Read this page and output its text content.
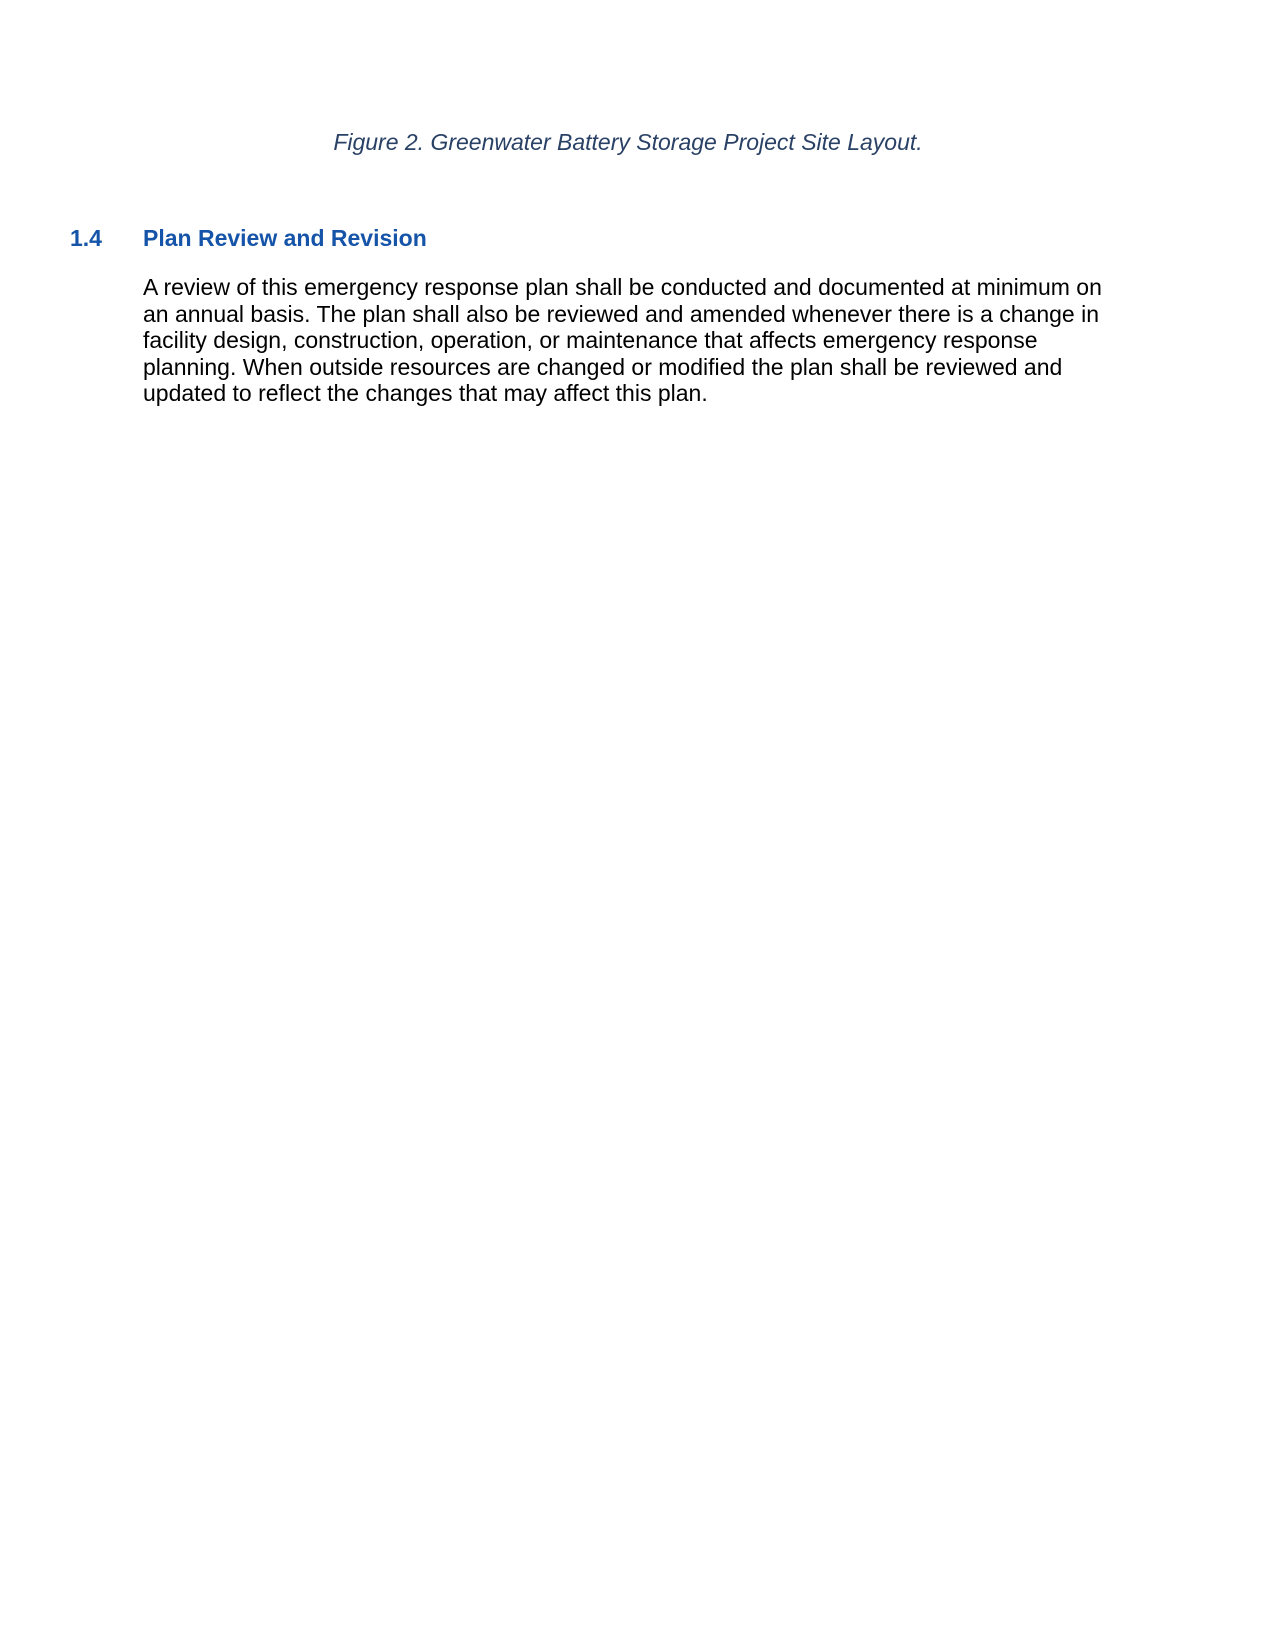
Figure 2. Greenwater Battery Storage Project Site Layout.

1.4 Plan Review and Revision

A review of this emergency response plan shall be conducted and documented at minimum on an annual basis. The plan shall also be reviewed and amended whenever there is a change in facility design, construction, operation, or maintenance that affects emergency response planning. When outside resources are changed or modified the plan shall be reviewed and updated to reflect the changes that may affect this plan.
